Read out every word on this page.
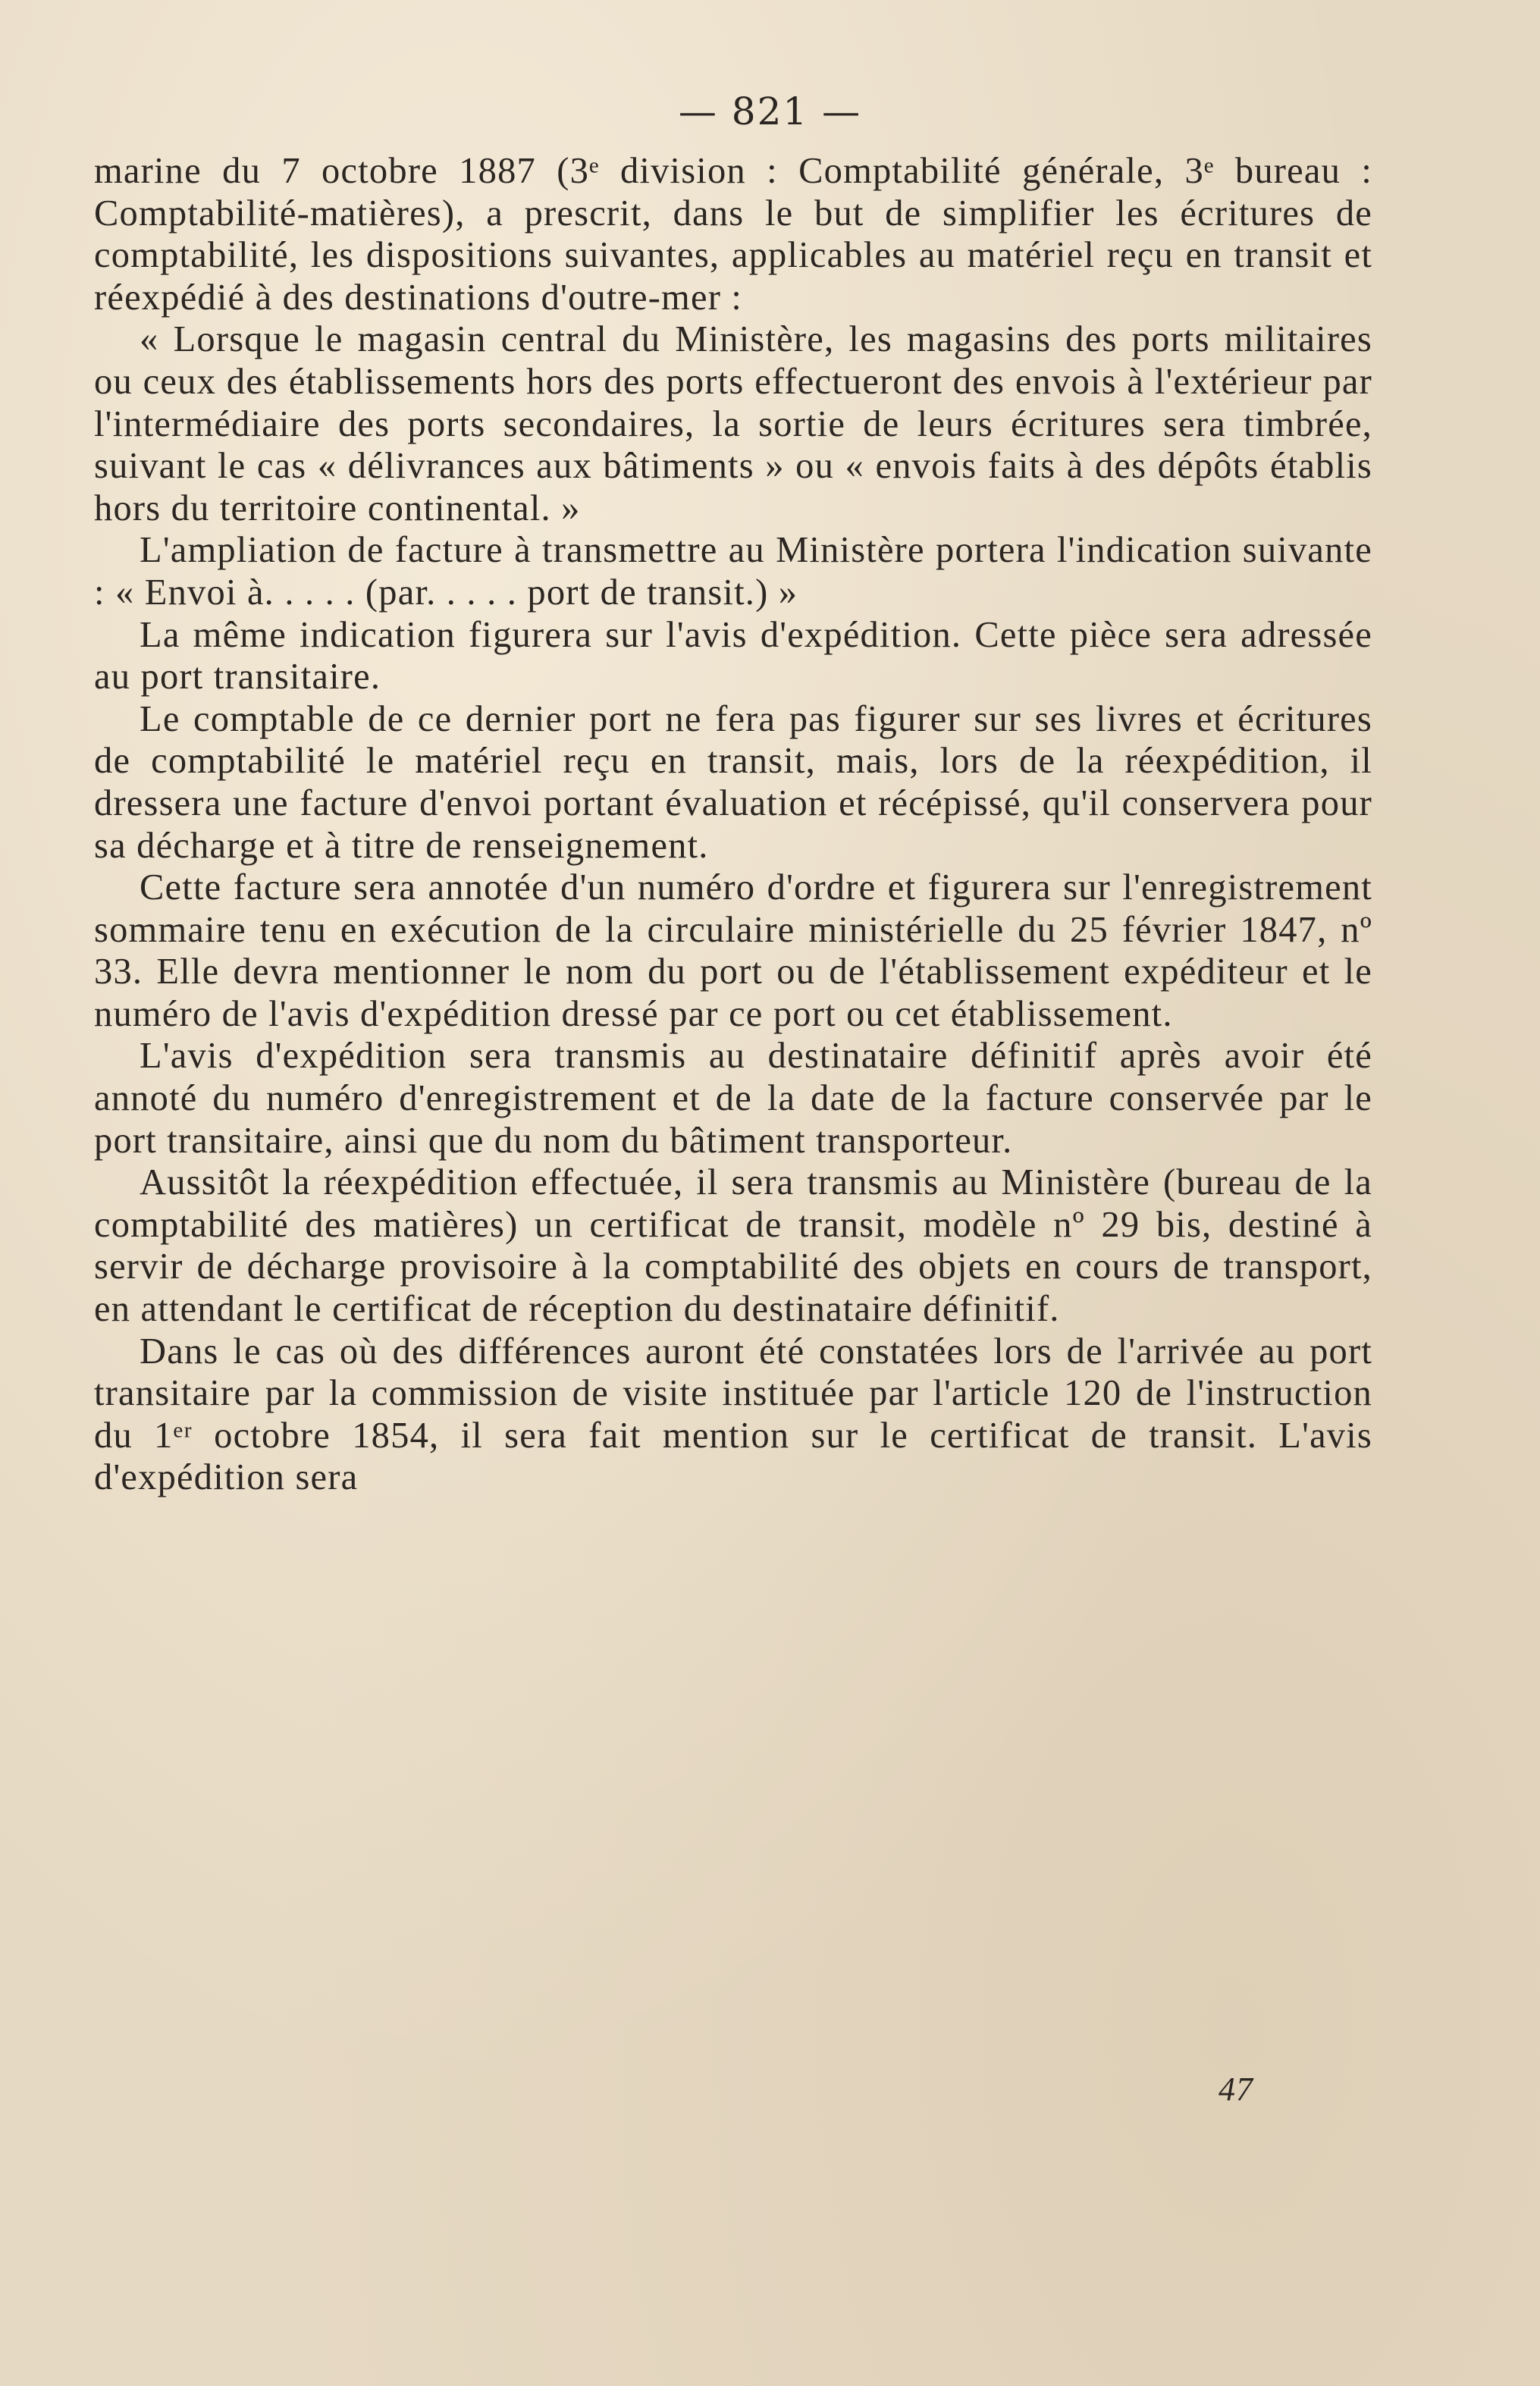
— 821 —

marine du 7 octobre 1887 (3ᵉ division : Comptabilité générale, 3ᵉ bureau : Comptabilité-matières), a prescrit, dans le but de simplifier les écritures de comptabilité, les dispositions suivantes, applicables au matériel reçu en transit et réexpédié à des destinations d'outre-mer :

« Lorsque le magasin central du Ministère, les magasins des ports militaires ou ceux des établissements hors des ports effectueront des envois à l'extérieur par l'intermédiaire des ports secondaires, la sortie de leurs écritures sera timbrée, suivant le cas « délivrances aux bâtiments » ou « envois faits à des dépôts établis hors du territoire continental. »

L'ampliation de facture à transmettre au Ministère portera l'indication suivante : « Envoi à. . . . . (par. . . . . port de transit.) »

La même indication figurera sur l'avis d'expédition. Cette pièce sera adressée au port transitaire.

Le comptable de ce dernier port ne fera pas figurer sur ses livres et écritures de comptabilité le matériel reçu en transit, mais, lors de la réexpédition, il dressera une facture d'envoi portant évaluation et récépissé, qu'il conservera pour sa décharge et à titre de renseignement.

Cette facture sera annotée d'un numéro d'ordre et figurera sur l'enregistrement sommaire tenu en exécution de la circulaire ministérielle du 25 février 1847, nº 33. Elle devra mentionner le nom du port ou de l'établissement expéditeur et le numéro de l'avis d'expédition dressé par ce port ou cet établissement.

L'avis d'expédition sera transmis au destinataire définitif après avoir été annoté du numéro d'enregistrement et de la date de la facture conservée par le port transitaire, ainsi que du nom du bâtiment transporteur.

Aussitôt la réexpédition effectuée, il sera transmis au Ministère (bureau de la comptabilité des matières) un certificat de transit, modèle nº 29 bis, destiné à servir de décharge provisoire à la comptabilité des objets en cours de transport, en attendant le certificat de réception du destinataire définitif.

Dans le cas où des différences auront été constatées lors de l'arrivée au port transitaire par la commission de visite instituée par l'article 120 de l'instruction du 1ᵉʳ octobre 1854, il sera fait mention sur le certificat de transit. L'avis d'expédition sera

47
